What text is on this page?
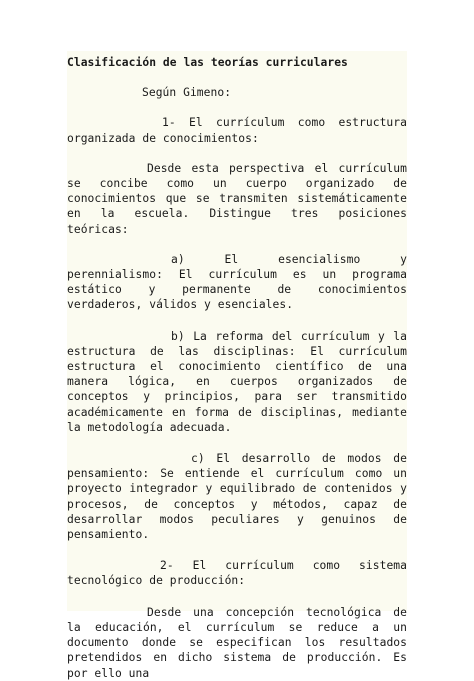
Clasificación de las teorías curriculares

Según Gimeno:

1- El currículum como estructura organizada de conocimientos:

Desde esta perspectiva el currículum se concibe como un cuerpo organizado de conocimientos que se transmiten sistemáticamente en la escuela. Distingue tres posiciones teóricas:

a) El esencialismo y perennialismo: El currículum es un programa estático y permanente de conocimientos verdaderos, válidos y esenciales.

b) La reforma del currículum y la estructura de las disciplinas: El currículum estructura el conocimiento científico de una manera lógica, en cuerpos organizados de conceptos y principios, para ser transmitido académicamente en forma de disciplinas, mediante la metodología adecuada.

c) El desarrollo de modos de pensamiento: Se entiende el currículum como un proyecto integrador y equilibrado de contenidos y procesos, de conceptos y métodos, capaz de desarrollar modos peculiares y genuinos de pensamiento.

2- El currículum como sistema tecnológico de producción:

Desde una concepción tecnológica de la educación, el currículum se reduce a un documento donde se especifican los resultados pretendidos en dicho sistema de producción. Es por ello una
